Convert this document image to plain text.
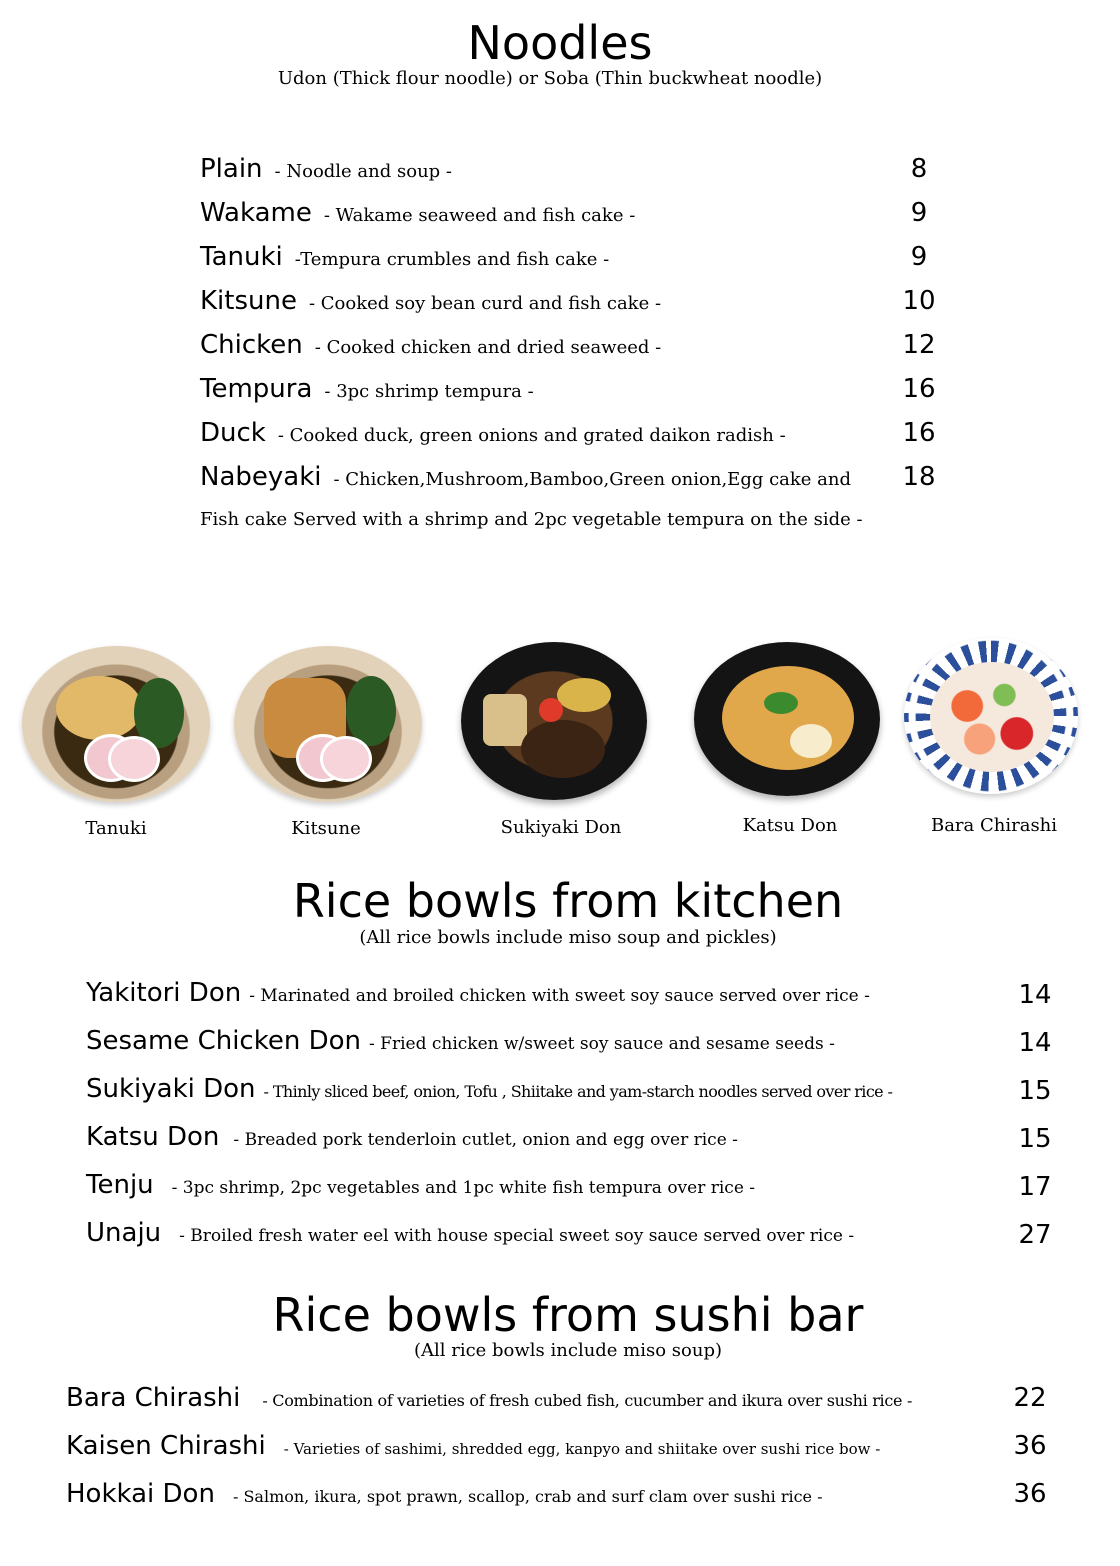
Noodles

Udon (Thick flour noodle) or Soba (Thin buckwheat noodle)

Plain - Noodle and soup -	8
Wakame - Wakame seaweed and fish cake -	9
Tanuki -Tempura crumbles and fish cake -	9
Kitsune - Cooked soy bean curd and fish cake -	10
Chicken - Cooked chicken and dried seaweed -	12
Tempura - 3pc shrimp tempura -	16
Duck - Cooked duck, green onions and grated daikon radish -	16
Nabeyaki - Chicken,Mushroom,Bamboo,Green onion,Egg cake and	18
Fish cake Served with a shrimp and 2pc vegetable tempura on the side -
Tanuki	Kitsune	Sukiyaki Don	Katsu Don	Bara Chirashi
Rice bowls from kitchen

(All rice bowls include miso soup and pickles)

Yakitori Don - Marinated and broiled chicken with sweet soy sauce served over rice -	14
Sesame Chicken Don - Fried chicken w/sweet soy sauce and sesame seeds -	14
Sukiyaki Don - Thinly sliced beef, onion, Tofu , Shiitake and yam-starch noodles served over rice -	15
Katsu Don - Breaded pork tenderloin cutlet, onion and egg over rice -	15
Tenju - 3pc shrimp, 2pc vegetables and 1pc white fish tempura over rice -	17
Unaju - Broiled fresh water eel with house special sweet soy sauce served over rice -	27
Rice bowls from sushi bar

(All rice bowls include miso soup)

Bara Chirashi - Combination of varieties of fresh cubed fish, cucumber and ikura over sushi rice -	22
Kaisen Chirashi - Varieties of sashimi, shredded egg, kanpyo and shiitake over sushi rice bow -	36
Hokkai Don - Salmon, ikura, spot prawn, scallop, crab and surf clam over sushi rice -	36
